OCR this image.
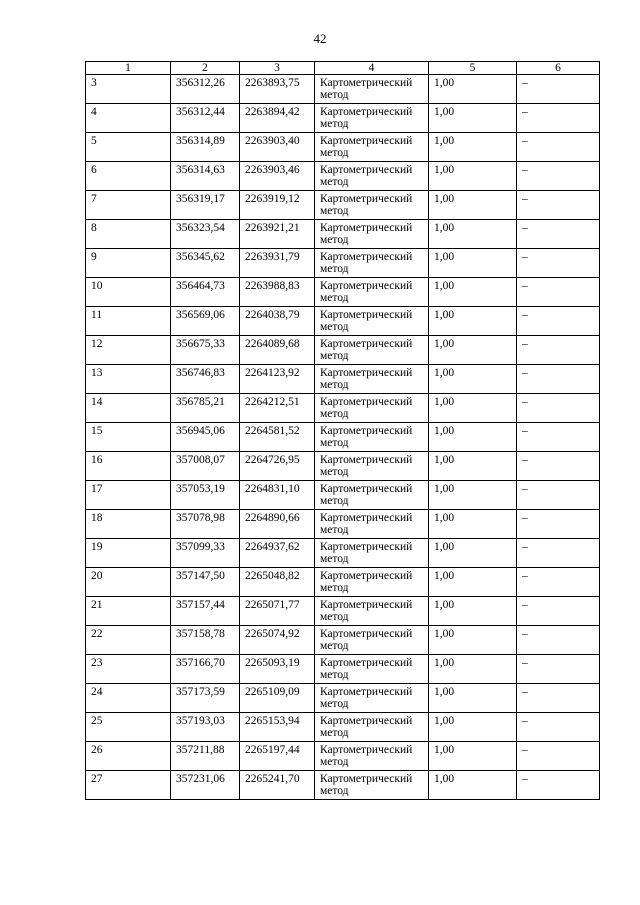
42
1	2	3	4	5	6
3	356312,26	2263893,75	Картометрический метод	1,00	–
4	356312,44	2263894,42	Картометрический метод	1,00	–
5	356314,89	2263903,40	Картометрический метод	1,00	–
6	356314,63	2263903,46	Картометрический метод	1,00	–
7	356319,17	2263919,12	Картометрический метод	1,00	–
8	356323,54	2263921,21	Картометрический метод	1,00	–
9	356345,62	2263931,79	Картометрический метод	1,00	–
10	356464,73	2263988,83	Картометрический метод	1,00	–
11	356569,06	2264038,79	Картометрический метод	1,00	–
12	356675,33	2264089,68	Картометрический метод	1,00	–
13	356746,83	2264123,92	Картометрический метод	1,00	–
14	356785,21	2264212,51	Картометрический метод	1,00	–
15	356945,06	2264581,52	Картометрический метод	1,00	–
16	357008,07	2264726,95	Картометрический метод	1,00	–
17	357053,19	2264831,10	Картометрический метод	1,00	–
18	357078,98	2264890,66	Картометрический метод	1,00	–
19	357099,33	2264937,62	Картометрический метод	1,00	–
20	357147,50	2265048,82	Картометрический метод	1,00	–
21	357157,44	2265071,77	Картометрический метод	1,00	–
22	357158,78	2265074,92	Картометрический метод	1,00	–
23	357166,70	2265093,19	Картометрический метод	1,00	–
24	357173,59	2265109,09	Картометрический метод	1,00	–
25	357193,03	2265153,94	Картометрический метод	1,00	–
26	357211,88	2265197,44	Картометрический метод	1,00	–
27	357231,06	2265241,70	Картометрический метод	1,00	–
